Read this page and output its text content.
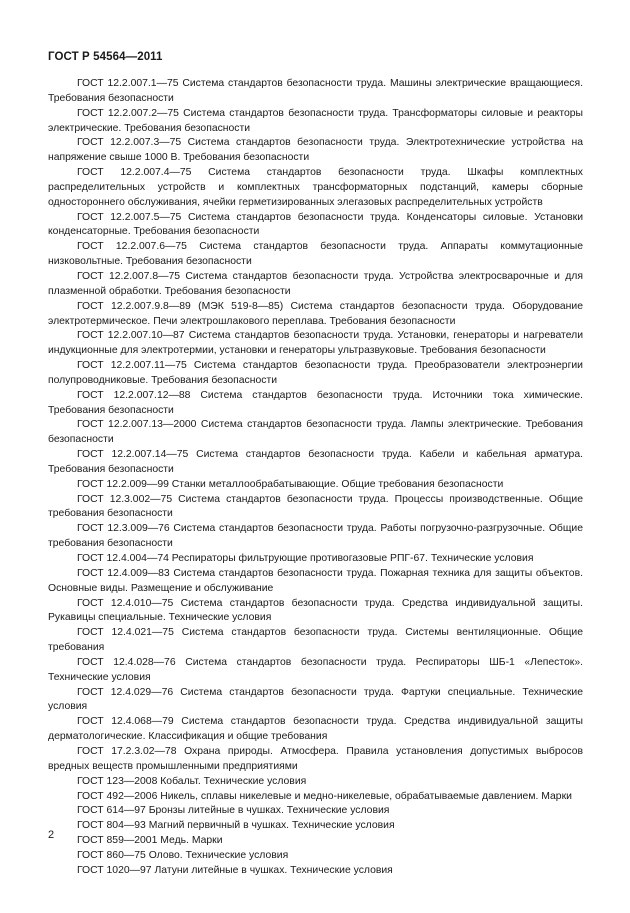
ГОСТ Р 54564—2011

ГОСТ 12.2.007.1—75 Система стандартов безопасности труда. Машины электрические вращающиеся. Требования безопасности

ГОСТ 12.2.007.2—75 Система стандартов безопасности труда. Трансформаторы силовые и реакторы электрические. Требования безопасности

ГОСТ 12.2.007.3—75 Система стандартов безопасности труда. Электротехнические устройства на напряжение свыше 1000 В. Требования безопасности

ГОСТ 12.2.007.4—75 Система стандартов безопасности труда. Шкафы комплектных распределительных устройств и комплектных трансформаторных подстанций, камеры сборные одностороннего обслуживания, ячейки герметизированных элегазовых распределительных устройств

ГОСТ 12.2.007.5—75 Система стандартов безопасности труда. Конденсаторы силовые. Установки конденсаторные. Требования безопасности

ГОСТ 12.2.007.6—75 Система стандартов безопасности труда. Аппараты коммутационные низковольтные. Требования безопасности

ГОСТ 12.2.007.8—75 Система стандартов безопасности труда. Устройства электросварочные и для плазменной обработки. Требования безопасности

ГОСТ 12.2.007.9.8—89 (МЭК 519-8—85) Система стандартов безопасности труда. Оборудование электротермическое. Печи электрошлакового переплава. Требования безопасности

ГОСТ 12.2.007.10—87 Система стандартов безопасности труда. Установки, генераторы и нагреватели индукционные для электротермии, установки и генераторы ультразвуковые. Требования безопасности

ГОСТ 12.2.007.11—75 Система стандартов безопасности труда. Преобразователи электроэнергии полупроводниковые. Требования безопасности

ГОСТ 12.2.007.12—88 Система стандартов безопасности труда. Источники тока химические. Требования безопасности

ГОСТ 12.2.007.13—2000 Система стандартов безопасности труда. Лампы электрические. Требования безопасности

ГОСТ 12.2.007.14—75 Система стандартов безопасности труда. Кабели и кабельная арматура. Требования безопасности

ГОСТ 12.2.009—99 Станки металлообрабатывающие. Общие требования безопасности

ГОСТ 12.3.002—75 Система стандартов безопасности труда. Процессы производственные. Общие требования безопасности

ГОСТ 12.3.009—76 Система стандартов безопасности труда. Работы погрузочно-разгрузочные. Общие требования безопасности

ГОСТ 12.4.004—74 Респираторы фильтрующие противогазовые РПГ-67. Технические условия

ГОСТ 12.4.009—83 Система стандартов безопасности труда. Пожарная техника для защиты объектов. Основные виды. Размещение и обслуживание

ГОСТ 12.4.010—75 Система стандартов безопасности труда. Средства индивидуальной защиты. Рукавицы специальные. Технические условия

ГОСТ 12.4.021—75 Система стандартов безопасности труда. Системы вентиляционные. Общие требования

ГОСТ 12.4.028—76 Система стандартов безопасности труда. Респираторы ШБ-1 «Лепесток». Технические условия

ГОСТ 12.4.029—76 Система стандартов безопасности труда. Фартуки специальные. Технические условия

ГОСТ 12.4.068—79 Система стандартов безопасности труда. Средства индивидуальной защиты дерматологические. Классификация и общие требования

ГОСТ 17.2.3.02—78 Охрана природы. Атмосфера. Правила установления допустимых выбросов вредных веществ промышленными предприятиями

ГОСТ 123—2008 Кобальт. Технические условия

ГОСТ 492—2006 Никель, сплавы никелевые и медно-никелевые, обрабатываемые давлением. Марки

ГОСТ 614—97 Бронзы литейные в чушках. Технические условия

ГОСТ 804—93 Магний первичный в чушках. Технические условия

ГОСТ 859—2001 Медь. Марки

ГОСТ 860—75 Олово. Технические условия

ГОСТ 1020—97 Латуни литейные в чушках. Технические условия

2
